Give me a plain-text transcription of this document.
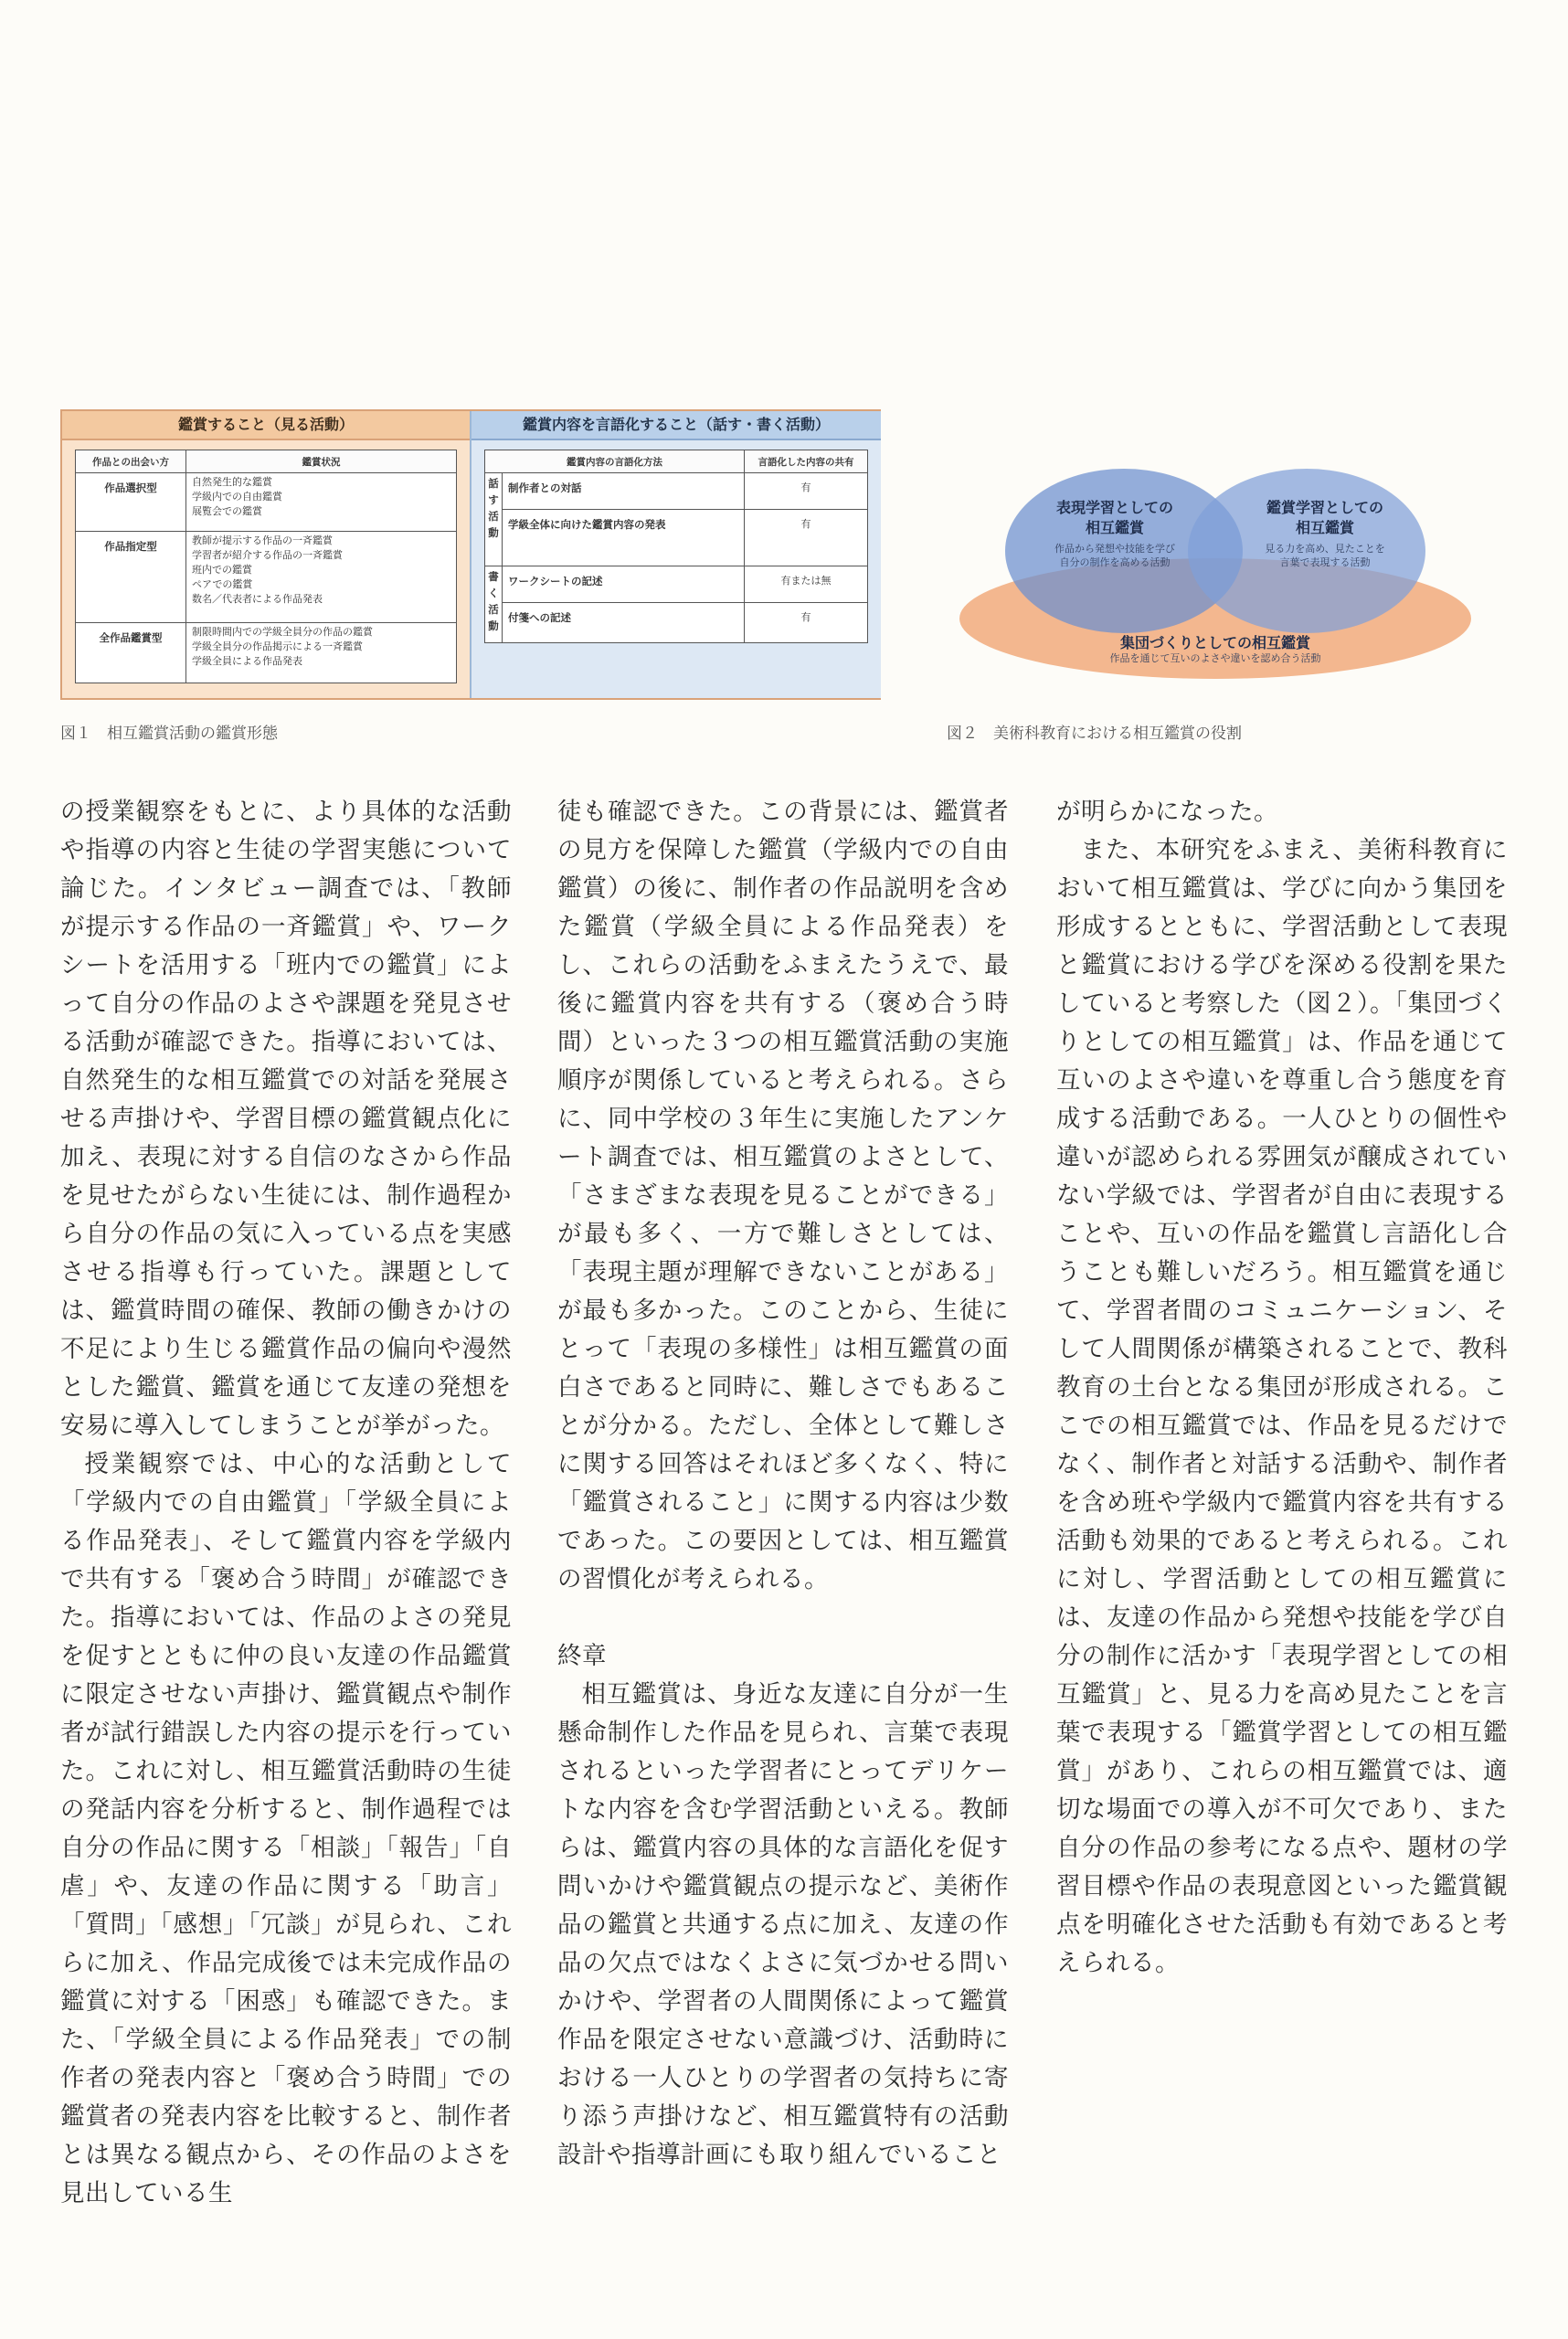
鑑賞すること（見る活動）
作品との出会い方	鑑賞状況
作品選択型	自然発生的な鑑賞
学級内での自由鑑賞
展覧会での鑑賞

作品指定型	教師が提示する作品の一斉鑑賞
学習者が紹介する作品の一斉鑑賞
班内での鑑賞
ペアでの鑑賞
数名／代表者による作品発表

全作品鑑賞型	制限時間内での学級全員分の作品の鑑賞
学級全員分の作品掲示による一斉鑑賞
学級全員による作品発表
鑑賞内容を言語化すること（話す・書く活動）
鑑賞内容の言語化方法		言語化した内容の共有
話
す
活
動	制作者との対話	有
	学級全体に向けた鑑賞内容の発表	有
書
く
活
動	ワークシートの記述	有または無
	付箋への記述	有
図１　相互鑑賞活動の鑑賞形態
表現学習としての
相互鑑賞
作品から発想や技能を学び
自分の制作を高める活動
鑑賞学習としての
相互鑑賞
見る力を高め、見たことを
言葉で表現する活動
集団づくりとしての相互鑑賞
作品を通じて互いのよさや違いを認め合う活動
図２　美術科教育における相互鑑賞の役割

の授業観察をもとに、より具体的な活動や指導の内容と生徒の学習実態について論じた。インタビュー調査では、「教師が提示する作品の一斉鑑賞」や、ワークシートを活用する「班内での鑑賞」によって自分の作品のよさや課題を発見させる活動が確認できた。指導においては、自然発生的な相互鑑賞での対話を発展させる声掛けや、学習目標の鑑賞観点化に加え、表現に対する自信のなさから作品を見せたがらない生徒には、制作過程から自分の作品の気に入っている点を実感させる指導も行っていた。課題としては、鑑賞時間の確保、教師の働きかけの不足により生じる鑑賞作品の偏向や漫然とした鑑賞、鑑賞を通じて友達の発想を安易に導入してしまうことが挙がった。

授業観察では、中心的な活動として「学級内での自由鑑賞」「学級全員による作品発表」、そして鑑賞内容を学級内で共有する「褒め合う時間」が確認できた。指導においては、作品のよさの発見を促すとともに仲の良い友達の作品鑑賞に限定させない声掛け、鑑賞観点や制作者が試行錯誤した内容の提示を行っていた。これに対し、相互鑑賞活動時の生徒の発話内容を分析すると、制作過程では自分の作品に関する「相談」「報告」「自虐」や、友達の作品に関する「助言」「質問」「感想」「冗談」が見られ、これらに加え、作品完成後では未完成作品の鑑賞に対する「困惑」も確認できた。また、「学級全員による作品発表」での制作者の発表内容と「褒め合う時間」での鑑賞者の発表内容を比較すると、制作者とは異なる観点から、その作品のよさを見出している生

徒も確認できた。この背景には、鑑賞者の見方を保障した鑑賞（学級内での自由鑑賞）の後に、制作者の作品説明を含めた鑑賞（学級全員による作品発表）をし、これらの活動をふまえたうえで、最後に鑑賞内容を共有する（褒め合う時間）といった３つの相互鑑賞活動の実施順序が関係していると考えられる。さらに、同中学校の３年生に実施したアンケート調査では、相互鑑賞のよさとして、「さまざまな表現を見ることができる」が最も多く、一方で難しさとしては、「表現主題が理解できないことがある」が最も多かった。このことから、生徒にとって「表現の多様性」は相互鑑賞の面白さであると同時に、難しさでもあることが分かる。ただし、全体として難しさに関する回答はそれほど多くなく、特に「鑑賞されること」に関する内容は少数であった。この要因としては、相互鑑賞の習慣化が考えられる。

終章

相互鑑賞は、身近な友達に自分が一生懸命制作した作品を見られ、言葉で表現されるといった学習者にとってデリケートな内容を含む学習活動といえる。教師らは、鑑賞内容の具体的な言語化を促す問いかけや鑑賞観点の提示など、美術作品の鑑賞と共通する点に加え、友達の作品の欠点ではなくよさに気づかせる問いかけや、学習者の人間関係によって鑑賞作品を限定させない意識づけ、活動時における一人ひとりの学習者の気持ちに寄り添う声掛けなど、相互鑑賞特有の活動設計や指導計画にも取り組んでいること

が明らかになった。

また、本研究をふまえ、美術科教育において相互鑑賞は、学びに向かう集団を形成するとともに、学習活動として表現と鑑賞における学びを深める役割を果たしていると考察した（図２）。「集団づくりとしての相互鑑賞」は、作品を通じて互いのよさや違いを尊重し合う態度を育成する活動である。一人ひとりの個性や違いが認められる雰囲気が醸成されていない学級では、学習者が自由に表現することや、互いの作品を鑑賞し言語化し合うことも難しいだろう。相互鑑賞を通じて、学習者間のコミュニケーション、そして人間関係が構築されることで、教科教育の土台となる集団が形成される。ここでの相互鑑賞では、作品を見るだけでなく、制作者と対話する活動や、制作者を含め班や学級内で鑑賞内容を共有する活動も効果的であると考えられる。これに対し、学習活動としての相互鑑賞には、友達の作品から発想や技能を学び自分の制作に活かす「表現学習としての相互鑑賞」と、見る力を高め見たことを言葉で表現する「鑑賞学習としての相互鑑賞」があり、これらの相互鑑賞では、適切な場面での導入が不可欠であり、また自分の作品の参考になる点や、題材の学習目標や作品の表現意図といった鑑賞観点を明確化させた活動も有効であると考えられる。
